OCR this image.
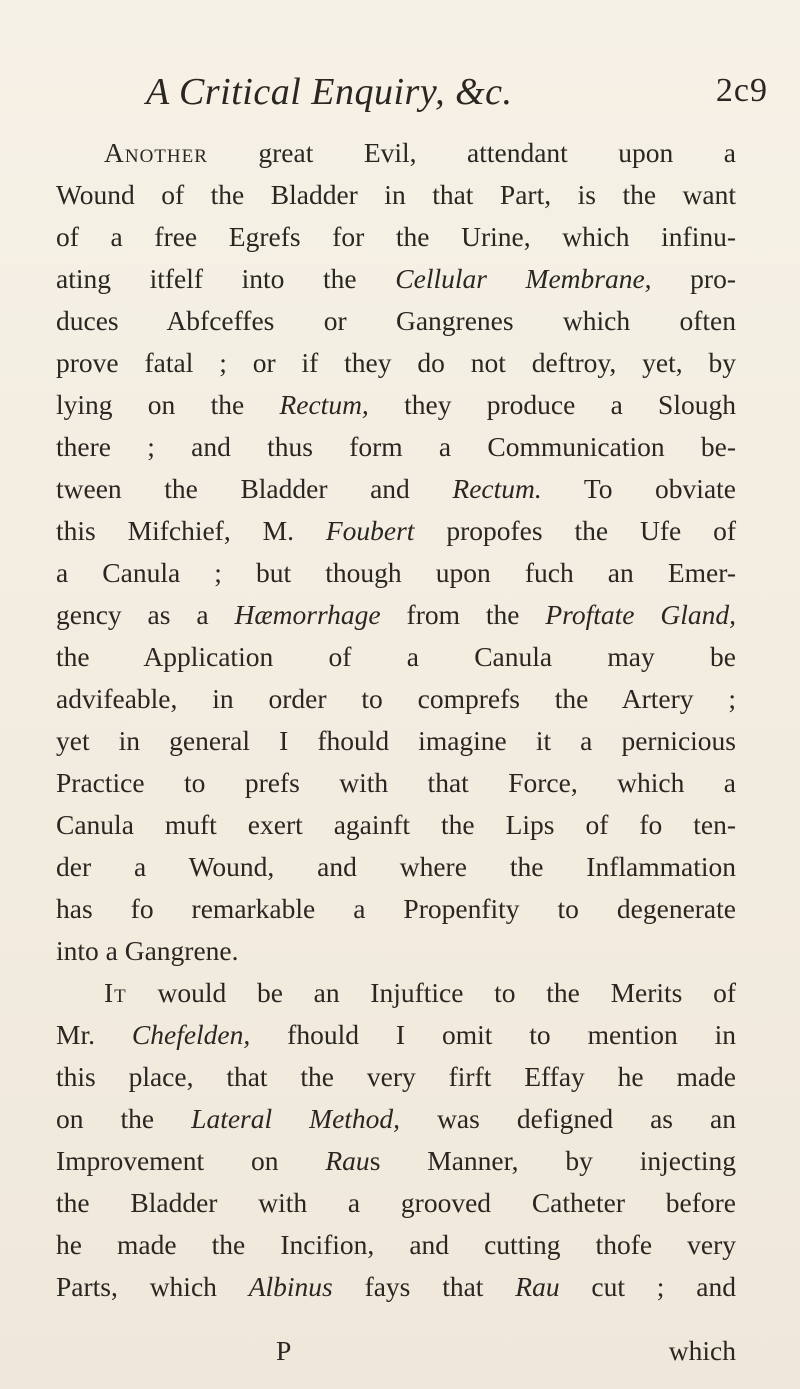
A Critical Enquiry, &c.	2c9
Another great Evil, attendant upon a
Wound of the Bladder in that Part, is the want
of a free Egrefs for the Urine, which infinu-
ating itfelf into the Cellular Membrane, pro-
duces Abfceffes or Gangrenes which often
prove fatal ; or if they do not deftroy, yet, by
lying on the Rectum, they produce a Slough
there ; and thus form a Communication be-
tween the Bladder and Rectum. To obviate
this Mifchief, M. Foubert propofes the Ufe of
a Canula ; but though upon fuch an Emer-
gency as a Hæmorrhage from the Proftate Gland,
the Application of a Canula may be
advifeable, in order to comprefs the Artery ;
yet in general I fhould imagine it a pernicious
Practice to prefs with that Force, which a
Canula muft exert againft the Lips of fo ten-
der a Wound, and where the Inflammation
has fo remarkable a Propenfity to degenerate
into a Gangrene.
It would be an Injuftice to the Merits of
Mr. Chefelden, fhould I omit to mention in
this place, that the very firft Effay he made
on the Lateral Method, was defigned as an
Improvement on Raus Manner, by injecting
the Bladder with a grooved Catheter before
he made the Incifion, and cutting thofe very
Parts, which Albinus fays that Rau cut ; and
P	which
